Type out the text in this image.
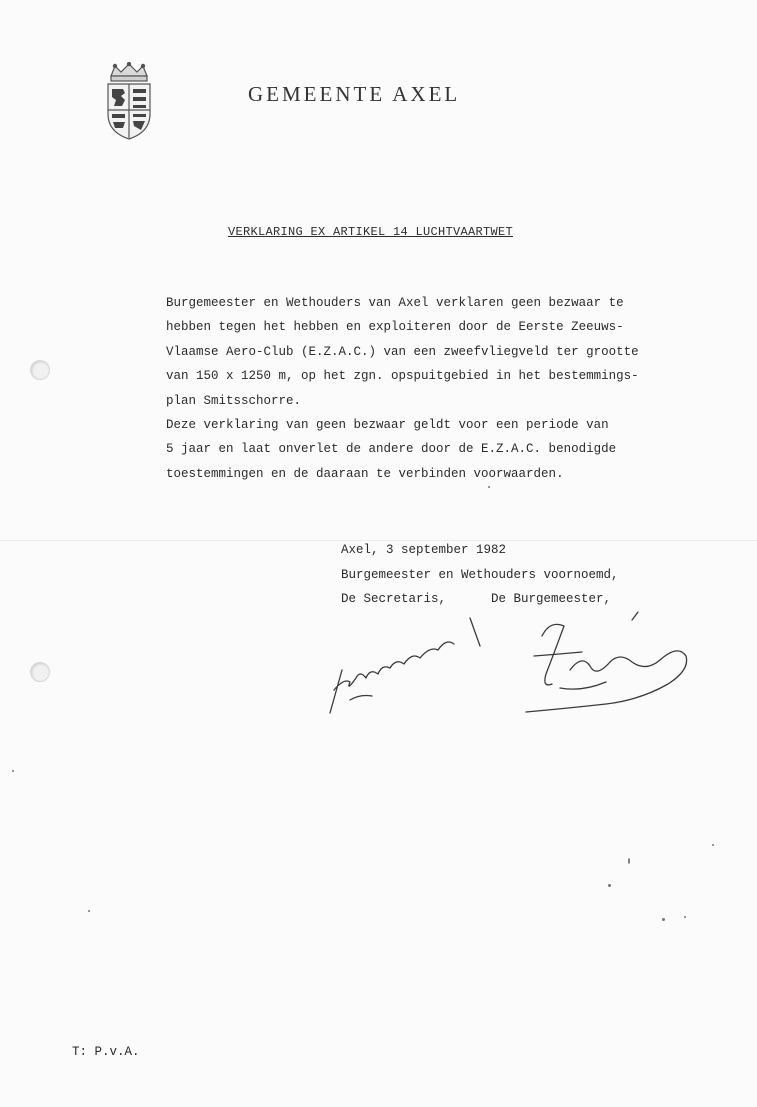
GEMEENTE AXEL
VERKLARING EX ARTIKEL 14 LUCHTVAARTWET
Burgemeester en Wethouders van Axel verklaren geen bezwaar te
hebben tegen het hebben en exploiteren door de Eerste Zeeuws-
Vlaamse Aero-Club (E.Z.A.C.) van een zweefvliegveld ter grootte
van 150 x 1250 m, op het zgn. opspuitgebied in het bestemmings-
plan Smitsschorre.
Deze verklaring van geen bezwaar geldt voor een periode van
5 jaar en laat onverlet de andere door de E.Z.A.C. benodigde
toestemmingen en de daaraan te verbinden voorwaarden.
Axel, 3 september 1982
Burgemeester en Wethouders voornoemd,
De Secretaris,	De Burgemeester,
T: P.v.A.
